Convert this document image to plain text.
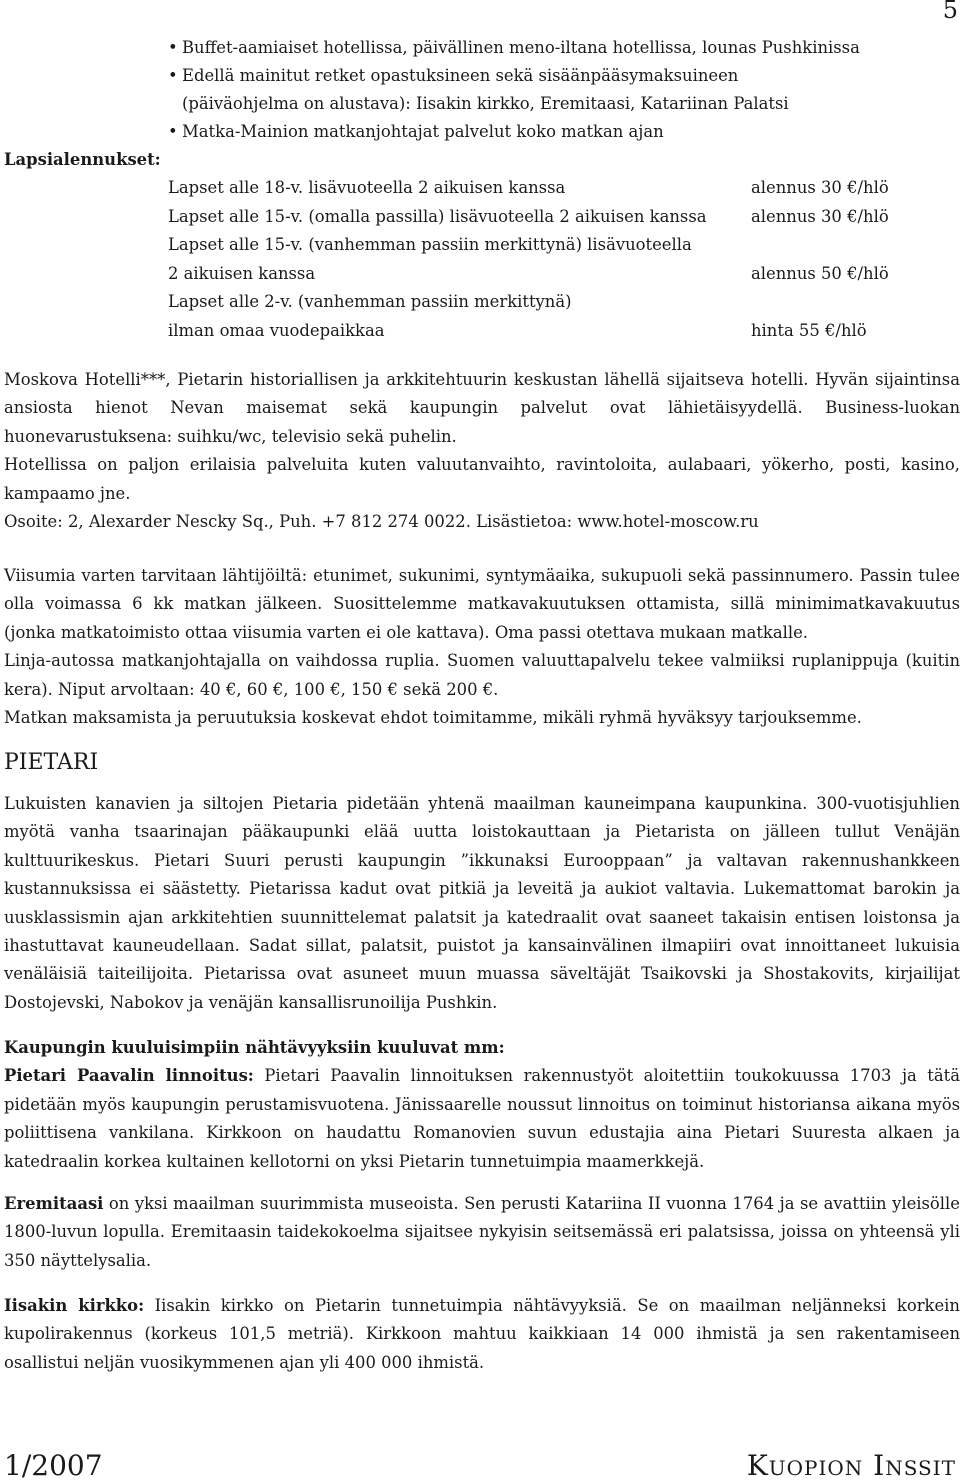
5
• Buffet-aamiaiset hotellissa, päivällinen meno-iltana hotellissa, lounas Pushkinissa
• Edellä mainitut retket opastuksineen sekä sisäänpääsymaksuineen
(päiväohjelma on alustava): Iisakin kirkko, Eremitaasi, Katariinan Palatsi
• Matka-Mainion matkanjohtajat palvelut koko matkan ajan
Lapsialennukset:
Lapset alle 18-v. lisävuoteella 2 aikuisen kanssa	alennus 30 €/hlö
Lapset alle 15-v. (omalla passilla) lisävuoteella 2 aikuisen kanssa	alennus 30 €/hlö
Lapset alle 15-v. (vanhemman passiin merkittynä) lisävuoteella
2 aikuisen kanssa	alennus 50 €/hlö
Lapset alle 2-v. (vanhemman passiin merkittynä)
ilman omaa vuodepaikkaa	hinta 55 €/hlö

Moskova Hotelli***, Pietarin historiallisen ja arkkitehtuurin keskustan lähellä sijaitseva hotelli. Hyvän sijaintinsa ansiosta hienot Nevan maisemat sekä kaupungin palvelut ovat lähietäisyydellä. Business-luokan huonevarustuksena: suihku/wc, televisio sekä puhelin.

Hotellissa on paljon erilaisia palveluita kuten valuutanvaihto, ravintoloita, aulabaari, yökerho, posti, kasino, kampaamo jne.

Osoite: 2, Alexarder Nescky Sq., Puh. +7 812 274 0022. Lisästietoa: www.hotel-moscow.ru

Viisumia varten tarvitaan lähtijöiltä: etunimet, sukunimi, syntymäaika, sukupuoli sekä passinnumero. Passin tulee olla voimassa 6 kk matkan jälkeen. Suosittelemme matkavakuutuksen ottamista, sillä minimimatkavakuutus (jonka matkatoimisto ottaa viisumia varten ei ole kattava). Oma passi otettava mukaan matkalle.

Linja-autossa matkanjohtajalla on vaihdossa ruplia. Suomen valuuttapalvelu tekee valmiiksi ruplanippuja (kuitin kera). Niput arvoltaan: 40 €, 60 €, 100 €, 150 € sekä 200 €.

Matkan maksamista ja peruutuksia koskevat ehdot toimitamme, mikäli ryhmä hyväksyy tarjouksemme.

PIETARI
Lukuisten kanavien ja siltojen Pietaria pidetään yhtenä maailman kauneimpana kaupunkina. 300-vuotisjuhlien myötä vanha tsaarinajan pääkaupunki elää uutta loistokauttaan ja Pietarista on jälleen tullut Venäjän kulttuurikeskus. Pietari Suuri perusti kaupungin ”ikkunaksi Eurooppaan” ja valtavan rakennushankkeen kustannuksissa ei säästetty. Pietarissa kadut ovat pitkiä ja leveitä ja aukiot valtavia. Lukemattomat barokin ja uusklassismin ajan arkkitehtien suunnittelemat palatsit ja katedraalit ovat saaneet takaisin entisen loistonsa ja ihastuttavat kauneudellaan. Sadat sillat, palatsit, puistot ja kansainvälinen ilmapiiri ovat innoittaneet lukuisia venäläisiä taiteilijoita. Pietarissa ovat asuneet muun muassa säveltäjät Tsaikovski ja Shostakovits, kirjailijat Dostojevski, Nabokov ja venäjän kansallisrunoilija Pushkin.

Kaupungin kuuluisimpiin nähtävyyksiin kuuluvat mm:

Pietari Paavalin linnoitus: Pietari Paavalin linnoituksen rakennustyöt aloitettiin toukokuussa 1703 ja tätä pidetään myös kaupungin perustamisvuotena. Jänissaarelle noussut linnoitus on toiminut historiansa aikana myös poliittisena vankilana. Kirkkoon on haudattu Romanovien suvun edustajia aina Pietari Suuresta alkaen ja katedraalin korkea kultainen kellotorni on yksi Pietarin tunnetuimpia maamerkkejä.

Eremitaasi on yksi maailman suurimmista museoista. Sen perusti Katariina II vuonna 1764 ja se avattiin yleisölle 1800-luvun lopulla. Eremitaasin taidekokoelma sijaitsee nykyisin seitsemässä eri palatsissa, joissa on yhteensä yli 350 näyttelysalia.

Iisakin kirkko: Iisakin kirkko on Pietarin tunnetuimpia nähtävyyksiä. Se on maailman neljänneksi korkein kupolirakennus (korkeus 101,5 metriä). Kirkkoon mahtuu kaikkiaan 14 000 ihmistä ja sen rakentamiseen osallistui neljän vuosikymmenen ajan yli 400 000 ihmistä.

1/2007	Kuopion Inssit
